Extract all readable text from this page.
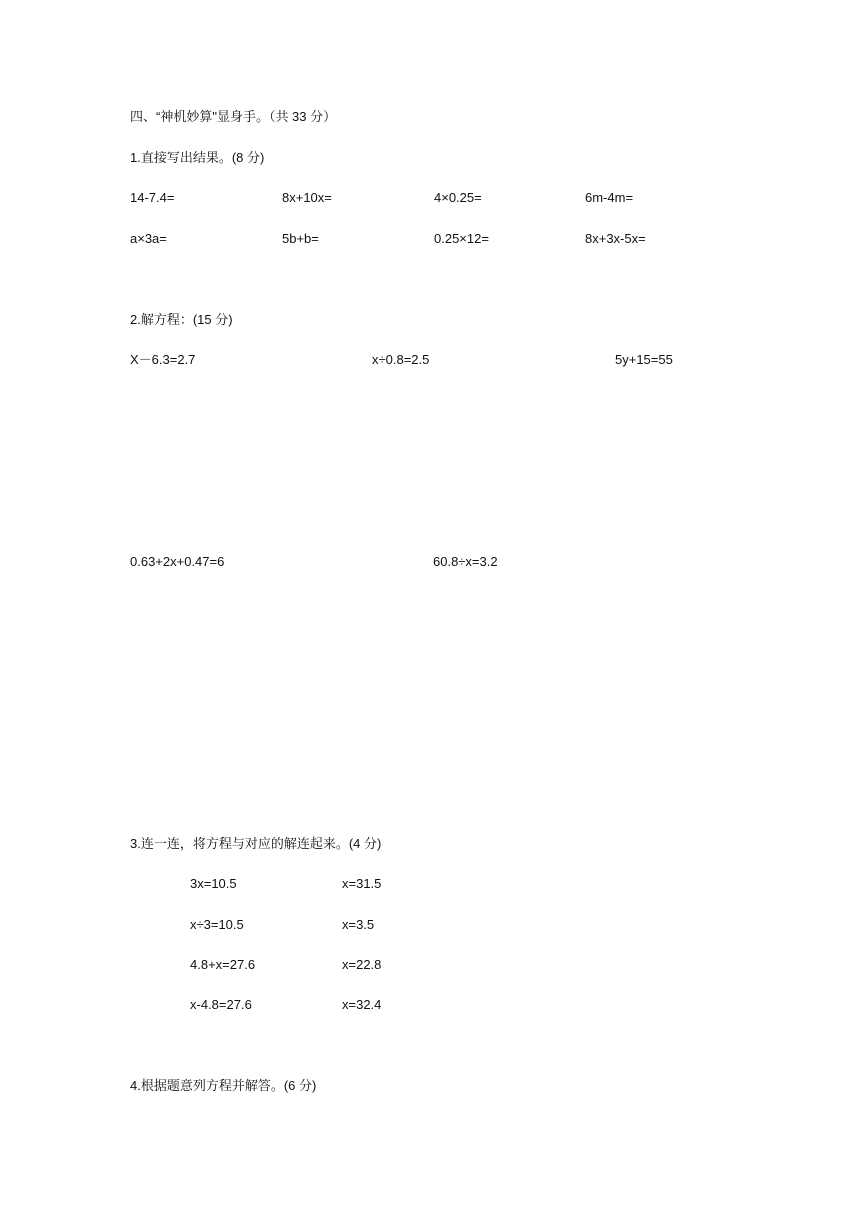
四、“神机妙算"显身手。（共 33 分）
1.直接写出结果。(8 分)
14-7.4=	8x+10x=	4×0.25=	6m-4m=
a×3a=	5b+b=	0.25×12=	8x+3x-5x=
2.解方程：(15 分)
X－6.3=2.7	x÷0.8=2.5	5y+15=55
0.63+2x+0.47=6	60.8÷x=3.2
3.连一连，将方程与对应的解连起来。(4 分)
3x=10.5	x=31.5
x÷3=10.5	x=3.5
4.8+x=27.6	x=22.8
x-4.8=27.6	x=32.4
4.根据题意列方程并解答。(6 分)
